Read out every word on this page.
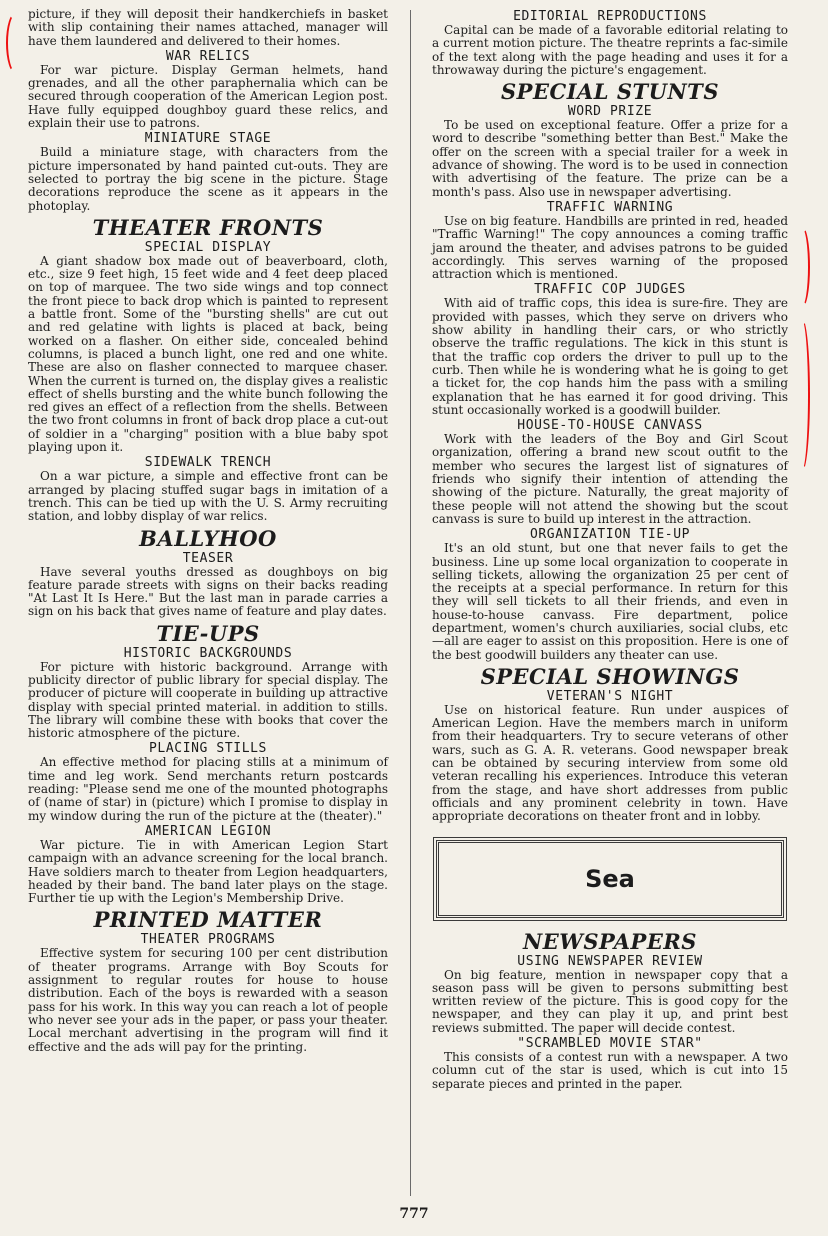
picture, if they will deposit their handkerchiefs in basket with slip containing their names attached, manager will have them laundered and delivered to their homes.

WAR RELICS

For war picture. Display German helmets, hand grenades, and all the other paraphernalia which can be secured through cooperation of the American Legion post. Have fully equipped doughboy guard these relics, and explain their use to patrons.

MINIATURE STAGE

Build a miniature stage, with characters from the picture impersonated by hand painted cut-outs. They are selected to portray the big scene in the picture. Stage decorations reproduce the scene as it appears in the photoplay.

THEATER FRONTS
SPECIAL DISPLAY

A giant shadow box made out of beaverboard, cloth, etc., size 9 feet high, 15 feet wide and 4 feet deep placed on top of marquee. The two side wings and top connect the front piece to back drop which is painted to represent a battle front. Some of the "bursting shells" are cut out and red gelatine with lights is placed at back, being worked on a flasher. On either side, concealed behind columns, is placed a bunch light, one red and one white. These are also on flasher connected to marquee chaser. When the current is turned on, the display gives a realistic effect of shells bursting and the white bunch following the red gives an effect of a reflection from the shells. Between the two front columns in front of back drop place a cut-out of soldier in a "charging" position with a blue baby spot playing upon it.

SIDEWALK TRENCH

On a war picture, a simple and effective front can be arranged by placing stuffed sugar bags in imitation of a trench. This can be tied up with the U. S. Army recruiting station, and lobby display of war relics.

BALLYHOO
TEASER

Have several youths dressed as doughboys on big feature parade streets with signs on their backs reading "At Last It Is Here." But the last man in parade carries a sign on his back that gives name of feature and play dates.

TIE-UPS
HISTORIC BACKGROUNDS

For picture with historic background. Arrange with publicity director of public library for special display. The producer of picture will cooperate in building up attractive display with special printed material. in addition to stills. The library will combine these with books that cover the historic atmosphere of the picture.

PLACING STILLS

An effective method for placing stills at a minimum of time and leg work. Send merchants return postcards reading: "Please send me one of the mounted photographs of (name of star) in (picture) which I promise to display in my window during the run of the picture at the (theater)."

AMERICAN LEGION

War picture. Tie in with American Legion Start campaign with an advance screening for the local branch. Have soldiers march to theater from Legion headquarters, headed by their band. The band later plays on the stage. Further tie up with the Legion's Membership Drive.

PRINTED MATTER
THEATER PROGRAMS

Effective system for securing 100 per cent distribution of theater programs. Arrange with Boy Scouts for assignment to regular routes for house to house distribution. Each of the boys is rewarded with a season pass for his work. In this way you can reach a lot of people who never see your ads in the paper, or pass your theater. Local merchant advertising in the program will find it effective and the ads will pay for the printing.

EDITORIAL REPRODUCTIONS

Capital can be made of a favorable editorial relating to a current motion picture. The theatre reprints a fac-simile of the text along with the page heading and uses it for a throwaway during the picture's engagement.

SPECIAL STUNTS
WORD PRIZE

To be used on exceptional feature. Offer a prize for a word to describe "something better than Best." Make the offer on the screen with a special trailer for a week in advance of showing. The word is to be used in connection with advertising of the feature. The prize can be a month's pass. Also use in newspaper advertising.

TRAFFIC WARNING

Use on big feature. Handbills are printed in red, headed "Traffic Warning!" The copy announces a coming traffic jam around the theater, and advises patrons to be guided accordingly. This serves warning of the proposed attraction which is mentioned.

TRAFFIC COP JUDGES

With aid of traffic cops, this idea is sure-fire. They are provided with passes, which they serve on drivers who show ability in handling their cars, or who strictly observe the traffic regulations. The kick in this stunt is that the traffic cop orders the driver to pull up to the curb. Then while he is wondering what he is going to get a ticket for, the cop hands him the pass with a smiling explanation that he has earned it for good driving. This stunt occasionally worked is a goodwill builder.

HOUSE-TO-HOUSE CANVASS

Work with the leaders of the Boy and Girl Scout organization, offering a brand new scout outfit to the member who secures the largest list of signatures of friends who signify their intention of attending the showing of the picture. Naturally, the great majority of these people will not attend the showing but the scout canvass is sure to build up interest in the attraction.

ORGANIZATION TIE-UP

It's an old stunt, but one that never fails to get the business. Line up some local organization to cooperate in selling tickets, allowing the organization 25 per cent of the receipts at a special performance. In return for this they will sell tickets to all their friends, and even in house-to-house canvass. Fire department, police department, women's church auxiliaries, social clubs, etc—all are eager to assist on this proposition. Here is one of the best goodwill builders any theater can use.

SPECIAL SHOWINGS
VETERAN'S NIGHT

Use on historical feature. Run under auspices of American Legion. Have the members march in uniform from their headquarters. Try to secure veterans of other wars, such as G. A. R. veterans. Good newspaper break can be obtained by securing interview from some old veteran recalling his experiences. Introduce this veteran from the stage, and have short addresses from public officials and any prominent celebrity in town. Have appropriate decorations on theater front and in lobby.

Sea
NEWSPAPERS
USING NEWSPAPER REVIEW

On big feature, mention in newspaper copy that a season pass will be given to persons submitting best written review of the picture. This is good copy for the newspaper, and they can play it up, and print best reviews submitted. The paper will decide contest.

"SCRAMBLED MOVIE STAR"

This consists of a contest run with a newspaper. A two column cut of the star is used, which is cut into 15 separate pieces and printed in the paper.

777
